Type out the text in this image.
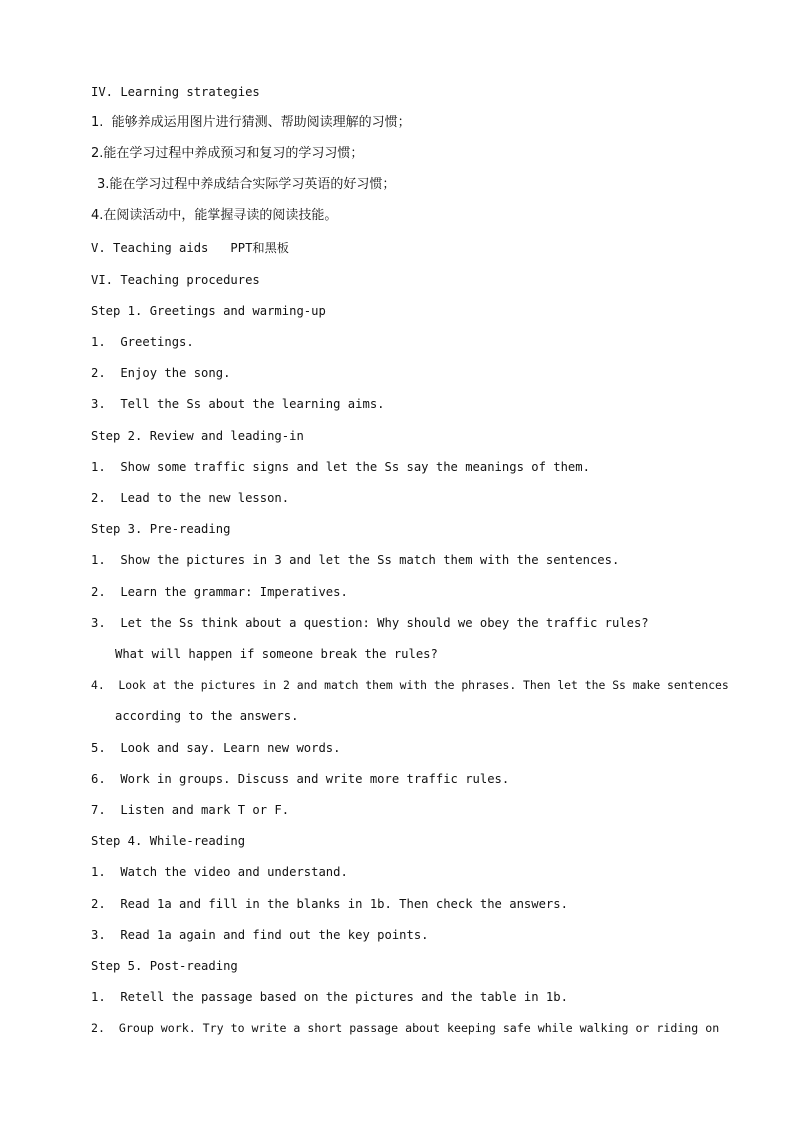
IV. Learning strategies
1.  能够养成运用图片进行猜测、帮助阅读理解的习惯；
2.能在学习过程中养成预习和复习的学习习惯；
3.能在学习过程中养成结合实际学习英语的好习惯；
4.在阅读活动中，能掌握寻读的阅读技能。
V. Teaching aids   PPT和黑板
VI. Teaching procedures
Step 1. Greetings and warming-up
1.  Greetings.
2.  Enjoy the song.
3.  Tell the Ss about the learning aims.
Step 2. Review and leading-in
1.  Show some traffic signs and let the Ss say the meanings of them.
2.  Lead to the new lesson.
Step 3. Pre-reading
1.  Show the pictures in 3 and let the Ss match them with the sentences.
2.  Learn the grammar: Imperatives.
3.  Let the Ss think about a question: Why should we obey the traffic rules?
What will happen if someone break the rules?
4.  Look at the pictures in 2 and match them with the phrases. Then let the Ss make sentences
according to the answers.
5.  Look and say. Learn new words.
6.  Work in groups. Discuss and write more traffic rules.
7.  Listen and mark T or F.
Step 4. While-reading
1.  Watch the video and understand.
2.  Read 1a and fill in the blanks in 1b. Then check the answers.
3.  Read 1a again and find out the key points.
Step 5. Post-reading
1.  Retell the passage based on the pictures and the table in 1b.
2.  Group work. Try to write a short passage about keeping safe while walking or riding on
